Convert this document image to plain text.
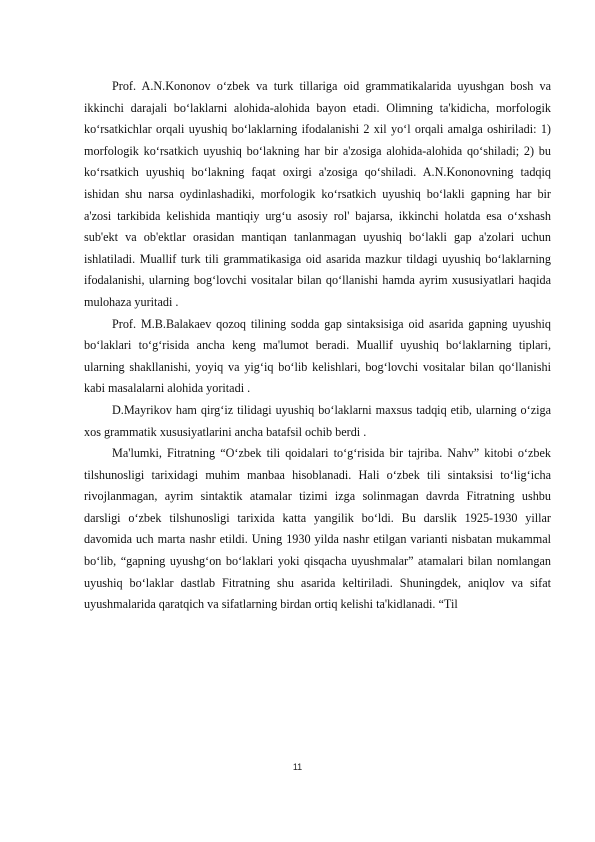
Prof. A.N.Kononov o‘zbek va turk tillariga oid grammatikalarida uyushgan bosh va ikkinchi darajali bo‘laklarni alohida-alohida bayon etadi. Olimning ta'kidicha, morfologik ko‘rsatkichlar orqali uyushiq bo‘laklarning ifodalanishi 2 xil yo‘l orqali amalga oshiriladi: 1) morfologik ko‘rsatkich uyushiq bo‘lakning har bir a'zosiga alohida-alohida qo‘shiladi; 2) bu ko‘rsatkich uyushiq bo‘lakning faqat oxirgi a'zosiga qo‘shiladi. A.N.Kononovning tadqiq ishidan shu narsa oydinlashadiki, morfologik ko‘rsatkich uyushiq bo‘lakli gapning har bir a'zosi tarkibida kelishida mantiqiy urg‘u asosiy rol' bajarsa, ikkinchi holatda esa o‘xshash sub'ekt va ob'ektlar orasidan mantiqan tanlanmagan uyushiq bo‘lakli gap a'zolari uchun ishlatiladi. Muallif turk tili grammatikasiga oid asarida mazkur tildagi uyushiq bo‘laklarning ifodalanishi, ularning bog‘lovchi vositalar bilan qo‘llanishi hamda ayrim xususiyatlari haqida mulohaza yuritadi .

Prof. M.B.Balakaev qozoq tilining sodda gap sintaksisiga oid asarida gapning uyushiq bo‘laklari to‘g‘risida ancha keng ma'lumot beradi. Muallif uyushiq bo‘laklarning tiplari, ularning shakllanishi, yoyiq va yig‘iq bo‘lib kelishlari, bog‘lovchi vositalar bilan qo‘llanishi kabi masalalarni alohida yoritadi .

D.Mayrikov ham qirg‘iz tilidagi uyushiq bo‘laklarni maxsus tadqiq etib, ularning o‘ziga xos grammatik xususiyatlarini ancha batafsil ochib berdi .

Ma'lumki, Fitratning “O‘zbek tili qoidalari to‘g‘risida bir tajriba. Nahv” kitobi o‘zbek tilshunosligi tarixidagi muhim manbaa hisoblanadi. Hali o‘zbek tili sintaksisi to‘lig‘icha rivojlanmagan, ayrim sintaktik atamalar tizimi izga solinmagan davrda Fitratning ushbu darsligi o‘zbek tilshunosligi tarixida katta yangilik bo‘ldi. Bu darslik 1925-1930 yillar davomida uch marta nashr etildi. Uning 1930 yilda nashr etilgan varianti nisbatan mukammal bo‘lib, “gapning uyushg‘on bo‘laklari yoki qisqacha uyushmalar” atamalari bilan nomlangan uyushiq bo‘laklar dastlab Fitratning shu asarida keltiriladi. Shuningdek, aniqlov va sifat uyushmalarida qaratqich va sifatlarning birdan ortiq kelishi ta'kidlanadi. “Til

11
